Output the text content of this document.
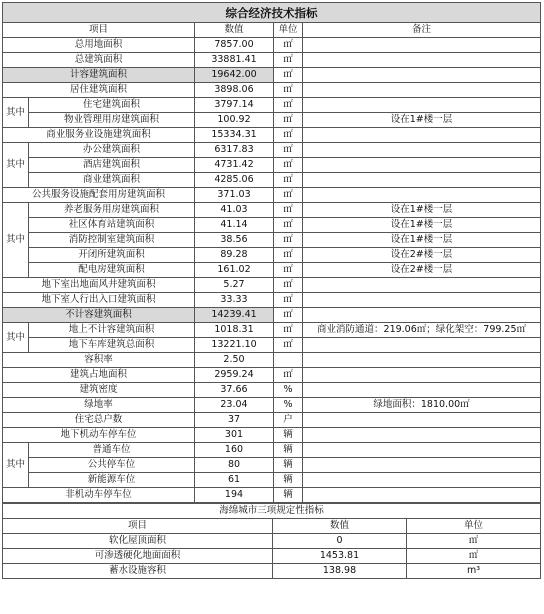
综合经济技术指标				
项目		数值	单位	备注
总用地面积		7857.00	㎡	
总建筑面积		33881.41	㎡	
计容建筑面积		19642.00	㎡	
居住建筑面积		3898.06	㎡	
其中	住宅建筑面积	3797.14	㎡	
	物业管理用房建筑面积	100.92	㎡	设在1#楼一层
商业服务业设施建筑面积		15334.31	㎡	
其中	办公建筑面积	6317.83	㎡	
	酒店建筑面积	4731.42	㎡	
	商业建筑面积	4285.06	㎡	
公共服务设施配套用房建筑面积		371.03	㎡	
其中	养老服务用房建筑面积	41.03	㎡	设在1#楼一层
	社区体育站建筑面积	41.14	㎡	设在1#楼一层
	消防控制室建筑面积	38.56	㎡	设在1#楼一层
	开闭所建筑面积	89.28	㎡	设在2#楼一层
	配电房建筑面积	161.02	㎡	设在2#楼一层
地下室出地面风井建筑面积		5.27	㎡	
地下室人行出入口建筑面积		33.33	㎡	
不计容建筑面积		14239.41	㎡	
其中	地上不计容建筑面积	1018.31	㎡	商业消防通道：219.06㎡；绿化架空：799.25㎡
	地下车库建筑总面积	13221.10	㎡	
容积率		2.50		
建筑占地面积		2959.24	㎡	
建筑密度		37.66	%	
绿地率		23.04	%	绿地面积：1810.00㎡
住宅总户数		37	户	
地下机动车停车位		301	辆	
其中	普通车位	160	辆	
	公共停车位	80	辆	
	新能源车位	61	辆	
非机动车停车位		194	辆	
海绵城市三项规定性指标		
项目	数值	单位
软化屋顶面积	0	㎡
可渗透硬化地面面积	1453.81	㎡
蓄水设施容积	138.98	m³
